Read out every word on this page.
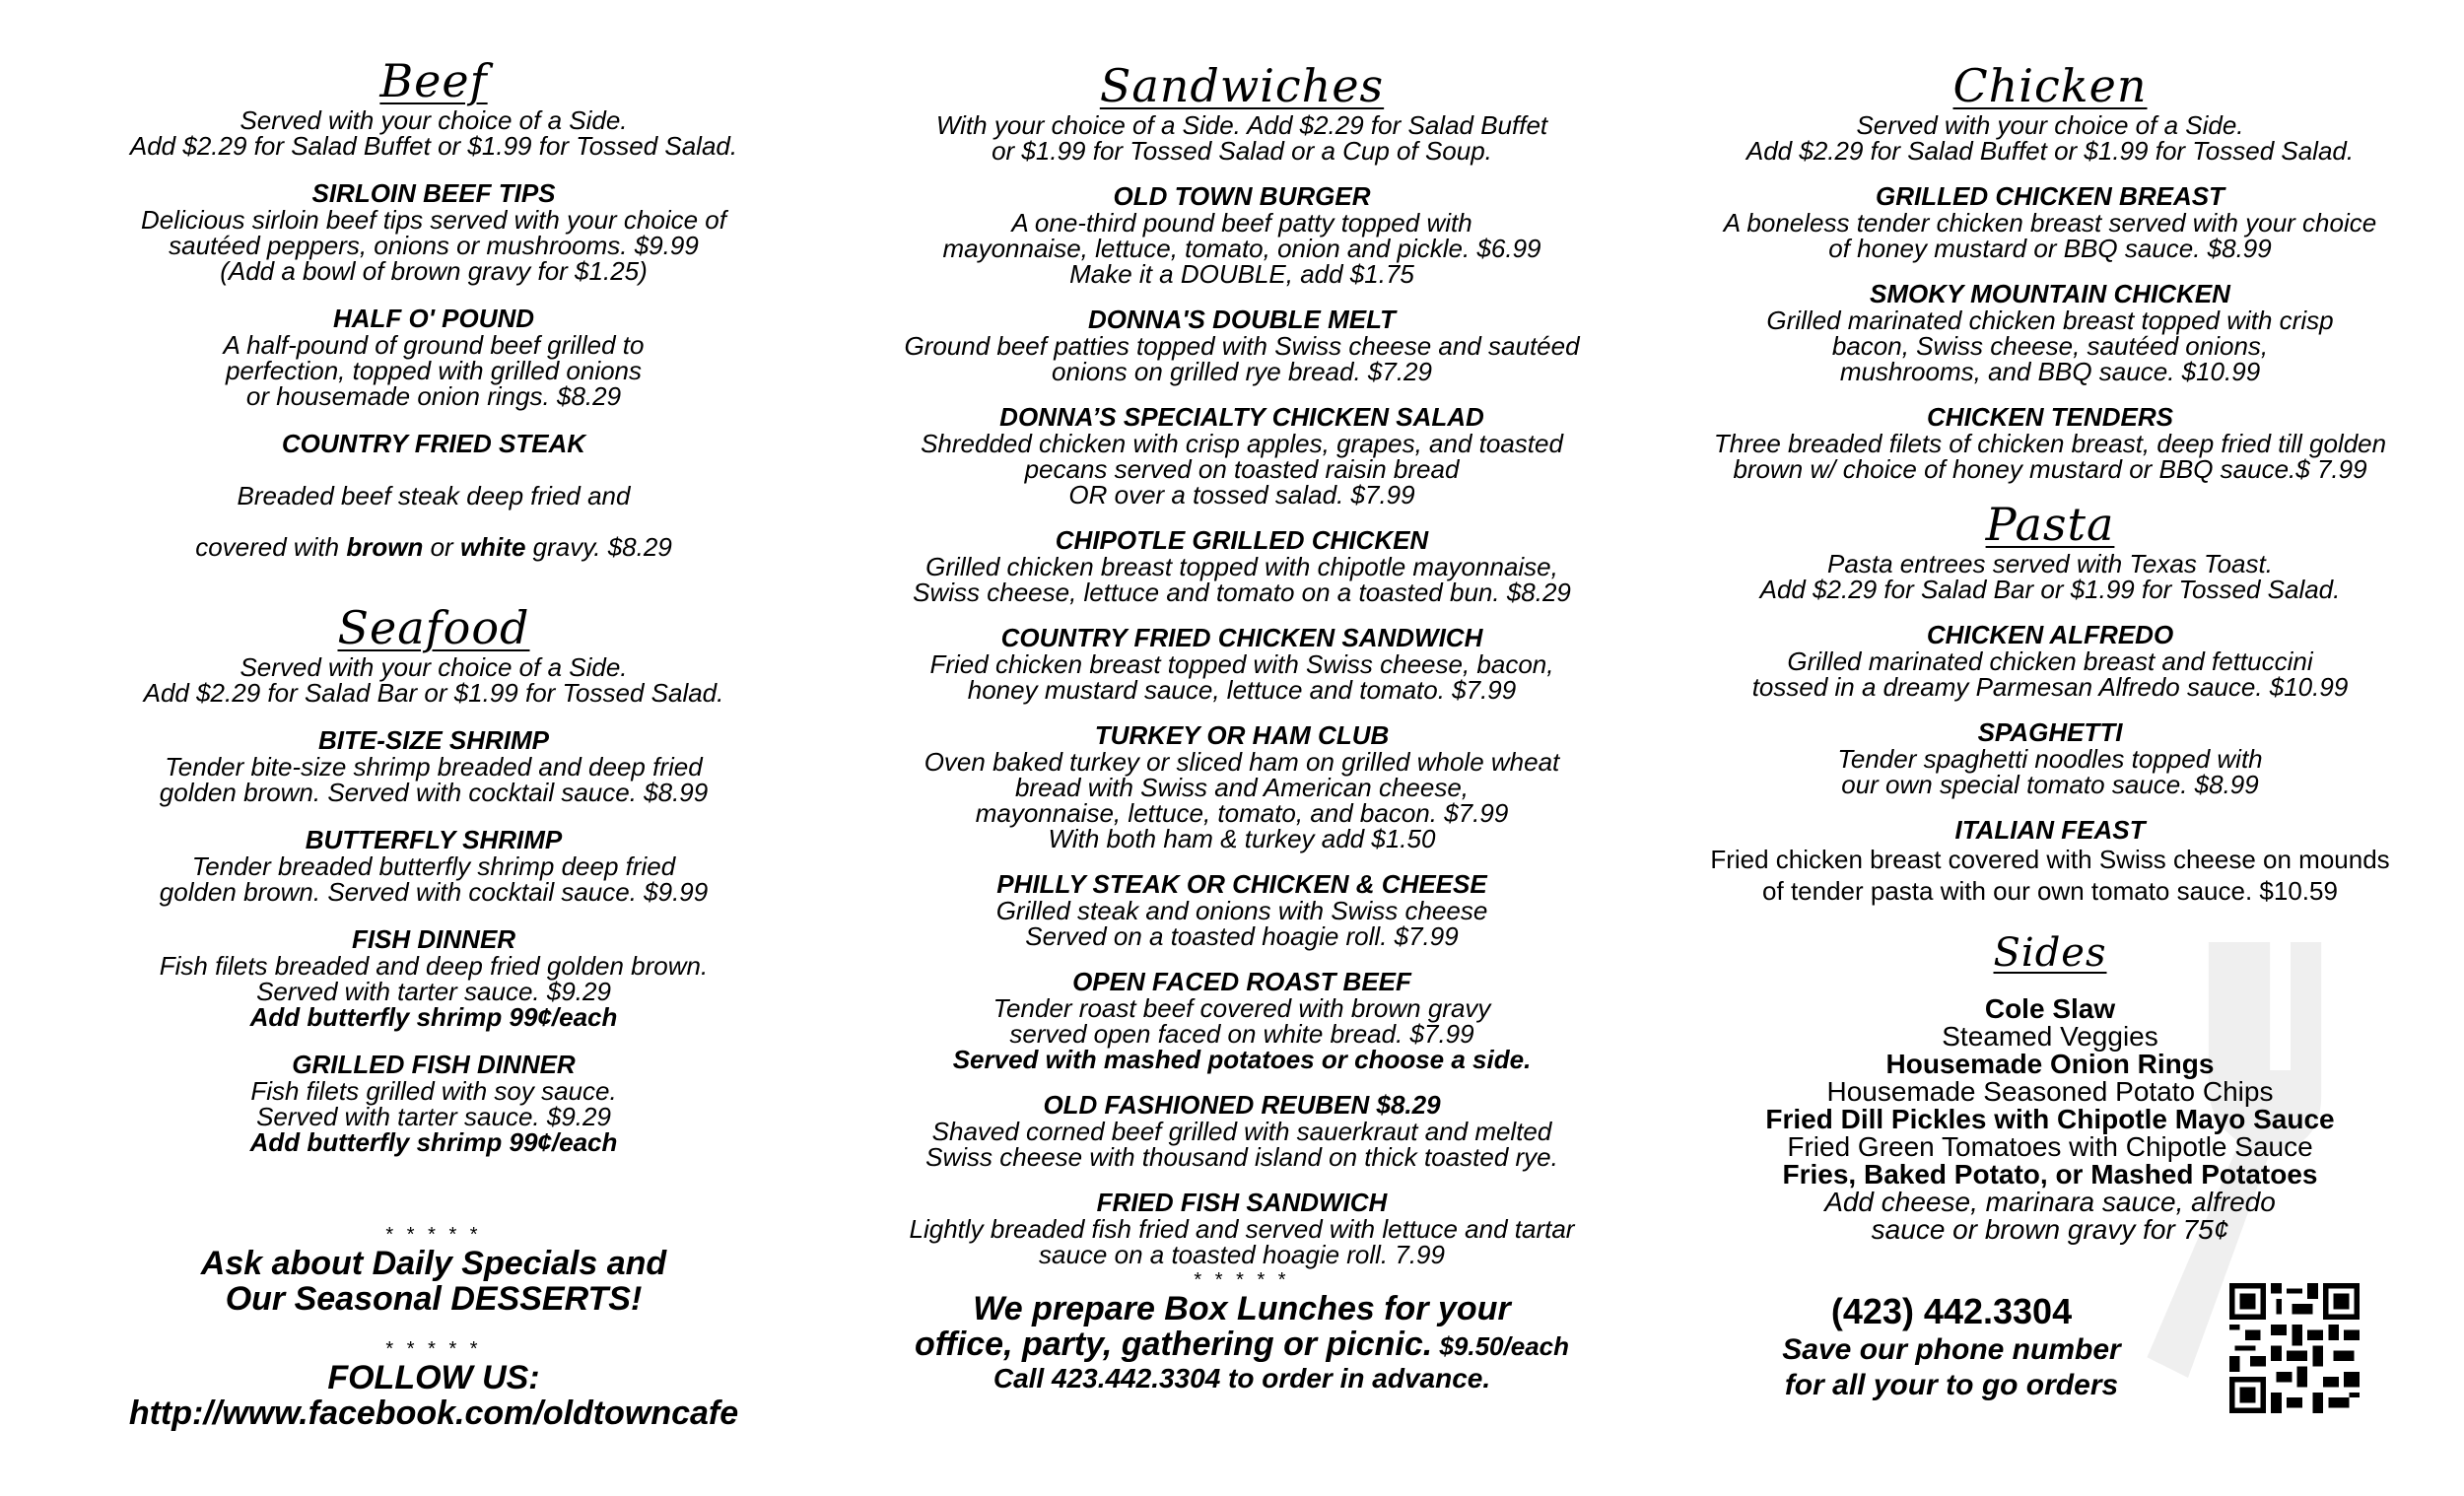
Beef
Served with your choice of a Side.
Add $2.29 for Salad Buffet or $1.99 for Tossed Salad.
SIRLOIN BEEF TIPS
Delicious sirloin beef tips served with your choice of
sautéed peppers, onions or mushrooms. $9.99
(Add a bowl of brown gravy for $1.25)
HALF O' POUND
A half-pound of ground beef grilled to
perfection, topped with grilled onions
or housemade onion rings. $8.29
COUNTRY FRIED STEAK

Breaded beef steak deep fried and

covered with brown or white gravy. $8.29

Seafood
Served with your choice of a Side.
Add $2.29 for Salad Bar or $1.99 for Tossed Salad.
BITE-SIZE SHRIMP
Tender bite-size shrimp breaded and deep fried
golden brown. Served with cocktail sauce. $8.99
BUTTERFLY SHRIMP
Tender breaded butterfly shrimp deep fried
golden brown. Served with cocktail sauce. $9.99
FISH DINNER
Fish filets breaded and deep fried golden brown.
Served with tarter sauce. $9.29
Add butterfly shrimp 99¢/each
GRILLED FISH DINNER
Fish filets grilled with soy sauce.
Served with tarter sauce. $9.29
Add butterfly shrimp 99¢/each
* * * * *
Ask about Daily Specials and
Our Seasonal DESSERTS!
* * * * *
FOLLOW US:
http://www.facebook.com/oldtowncafe
Sandwiches
With your choice of a Side. Add $2.29 for Salad Buffet
or $1.99 for Tossed Salad or a Cup of Soup.
OLD TOWN BURGER
A one-third pound beef patty topped with
mayonnaise, lettuce, tomato, onion and pickle. $6.99
Make it a DOUBLE, add $1.75
DONNA'S DOUBLE MELT
Ground beef patties topped with Swiss cheese and sautéed
onions on grilled rye bread. $7.29
DONNA’S SPECIALTY CHICKEN SALAD
Shredded chicken with crisp apples, grapes, and toasted
pecans served on toasted raisin bread
OR over a tossed salad. $7.99
CHIPOTLE GRILLED CHICKEN
Grilled chicken breast topped with chipotle mayonnaise,
Swiss cheese, lettuce and tomato on a toasted bun. $8.29
COUNTRY FRIED CHICKEN SANDWICH
Fried chicken breast topped with Swiss cheese, bacon,
honey mustard sauce, lettuce and tomato. $7.99
TURKEY OR HAM CLUB
Oven baked turkey or sliced ham on grilled whole wheat
bread with Swiss and American cheese,
mayonnaise, lettuce, tomato, and bacon. $7.99
With both ham & turkey add $1.50
PHILLY STEAK OR CHICKEN & CHEESE
Grilled steak and onions with Swiss cheese
Served on a toasted hoagie roll. $7.99
OPEN FACED ROAST BEEF
Tender roast beef covered with brown gravy
served open faced on white bread. $7.99
Served with mashed potatoes or choose a side.
OLD FASHIONED REUBEN $8.29
Shaved corned beef grilled with sauerkraut and melted
Swiss cheese with thousand island on thick toasted rye.
FRIED FISH SANDWICH
Lightly breaded fish fried and served with lettuce and tartar
sauce on a toasted hoagie roll. 7.99
* * * * *
We prepare Box Lunches for your
office, party, gathering or picnic. $9.50/each
Call 423.442.3304 to order in advance.
Chicken
Served with your choice of a Side.
Add $2.29 for Salad Buffet or $1.99 for Tossed Salad.
GRILLED CHICKEN BREAST
A boneless tender chicken breast served with your choice
of honey mustard or BBQ sauce. $8.99
SMOKY MOUNTAIN CHICKEN
Grilled marinated chicken breast topped with crisp
bacon, Swiss cheese, sautéed onions,
mushrooms, and BBQ sauce. $10.99
CHICKEN TENDERS
Three breaded filets of chicken breast, deep fried till golden
brown w/ choice of honey mustard or BBQ sauce.$ 7.99
Pasta
Pasta entrees served with Texas Toast.
Add $2.29 for Salad Bar or $1.99 for Tossed Salad.
CHICKEN ALFREDO
Grilled marinated chicken breast and fettuccini
tossed in a dreamy Parmesan Alfredo sauce. $10.99
SPAGHETTI
Tender spaghetti noodles topped with
our own special tomato sauce. $8.99
ITALIAN FEAST
Fried chicken breast covered with Swiss cheese on mounds
of tender pasta with our own tomato sauce. $10.59
Sides
Cole Slaw
Steamed Veggies
Housemade Onion Rings
Housemade Seasoned Potato Chips
Fried Dill Pickles with Chipotle Mayo Sauce
Fried Green Tomatoes with Chipotle Sauce
Fries, Baked Potato, or Mashed Potatoes
Add cheese, marinara sauce, alfredo
sauce or brown gravy for 75¢
(423) 442.3304
Save our phone number
for all your to go orders
